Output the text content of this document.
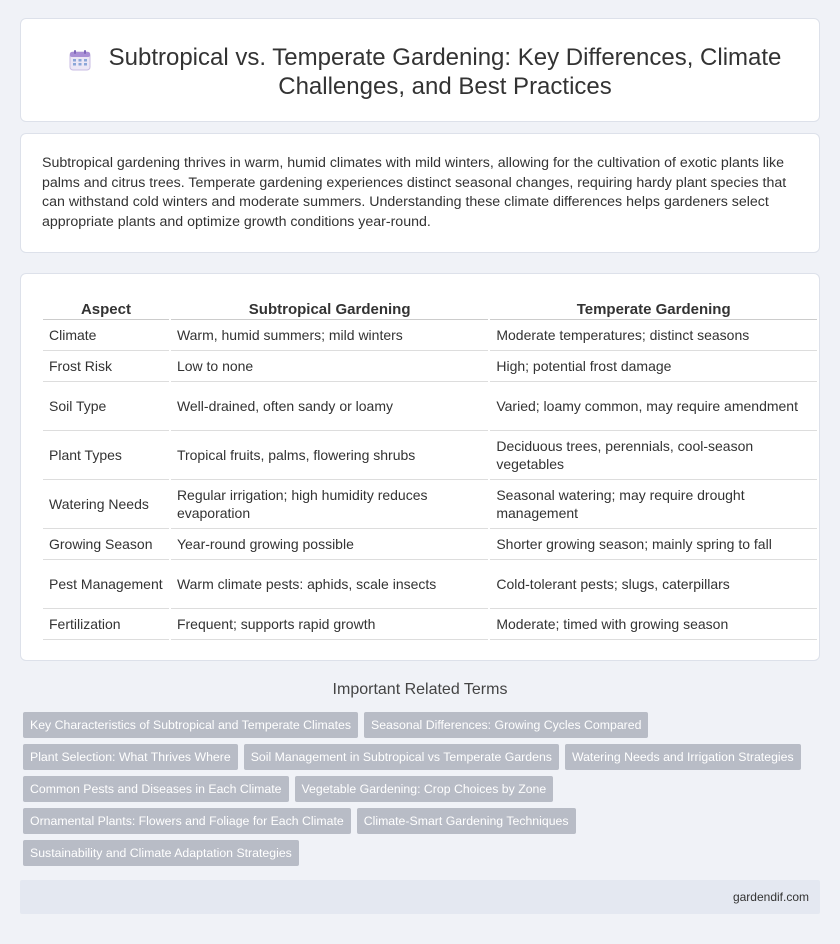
Subtropical vs. Temperate Gardening: Key Differences, Climate Challenges, and Best Practices

Subtropical gardening thrives in warm, humid climates with mild winters, allowing for the cultivation of exotic plants like palms and citrus trees. Temperate gardening experiences distinct seasonal changes, requiring hardy plant species that can withstand cold winters and moderate summers. Understanding these climate differences helps gardeners select appropriate plants and optimize growth conditions year-round.

Aspect	Subtropical Gardening	Temperate Gardening
Climate	Warm, humid summers; mild winters	Moderate temperatures; distinct seasons
Frost Risk	Low to none	High; potential frost damage
Soil Type	Well-drained, often sandy or loamy	Varied; loamy common, may require amendment
Plant Types	Tropical fruits, palms, flowering shrubs	Deciduous trees, perennials, cool-season vegetables
Watering Needs	Regular irrigation; high humidity reduces evaporation	Seasonal watering; may require drought management
Growing Season	Year-round growing possible	Shorter growing season; mainly spring to fall
Pest Management	Warm climate pests: aphids, scale insects	Cold-tolerant pests; slugs, caterpillars
Fertilization	Frequent; supports rapid growth	Moderate; timed with growing season
Important Related Terms
Key Characteristics of Subtropical and Temperate Climates Seasonal Differences: Growing Cycles Compared
Plant Selection: What Thrives Where Soil Management in Subtropical vs Temperate Gardens Watering Needs and Irrigation Strategies
Common Pests and Diseases in Each Climate Vegetable Gardening: Crop Choices by Zone
Ornamental Plants: Flowers and Foliage for Each Climate Climate-Smart Gardening Techniques
Sustainability and Climate Adaptation Strategies
gardendif.com
